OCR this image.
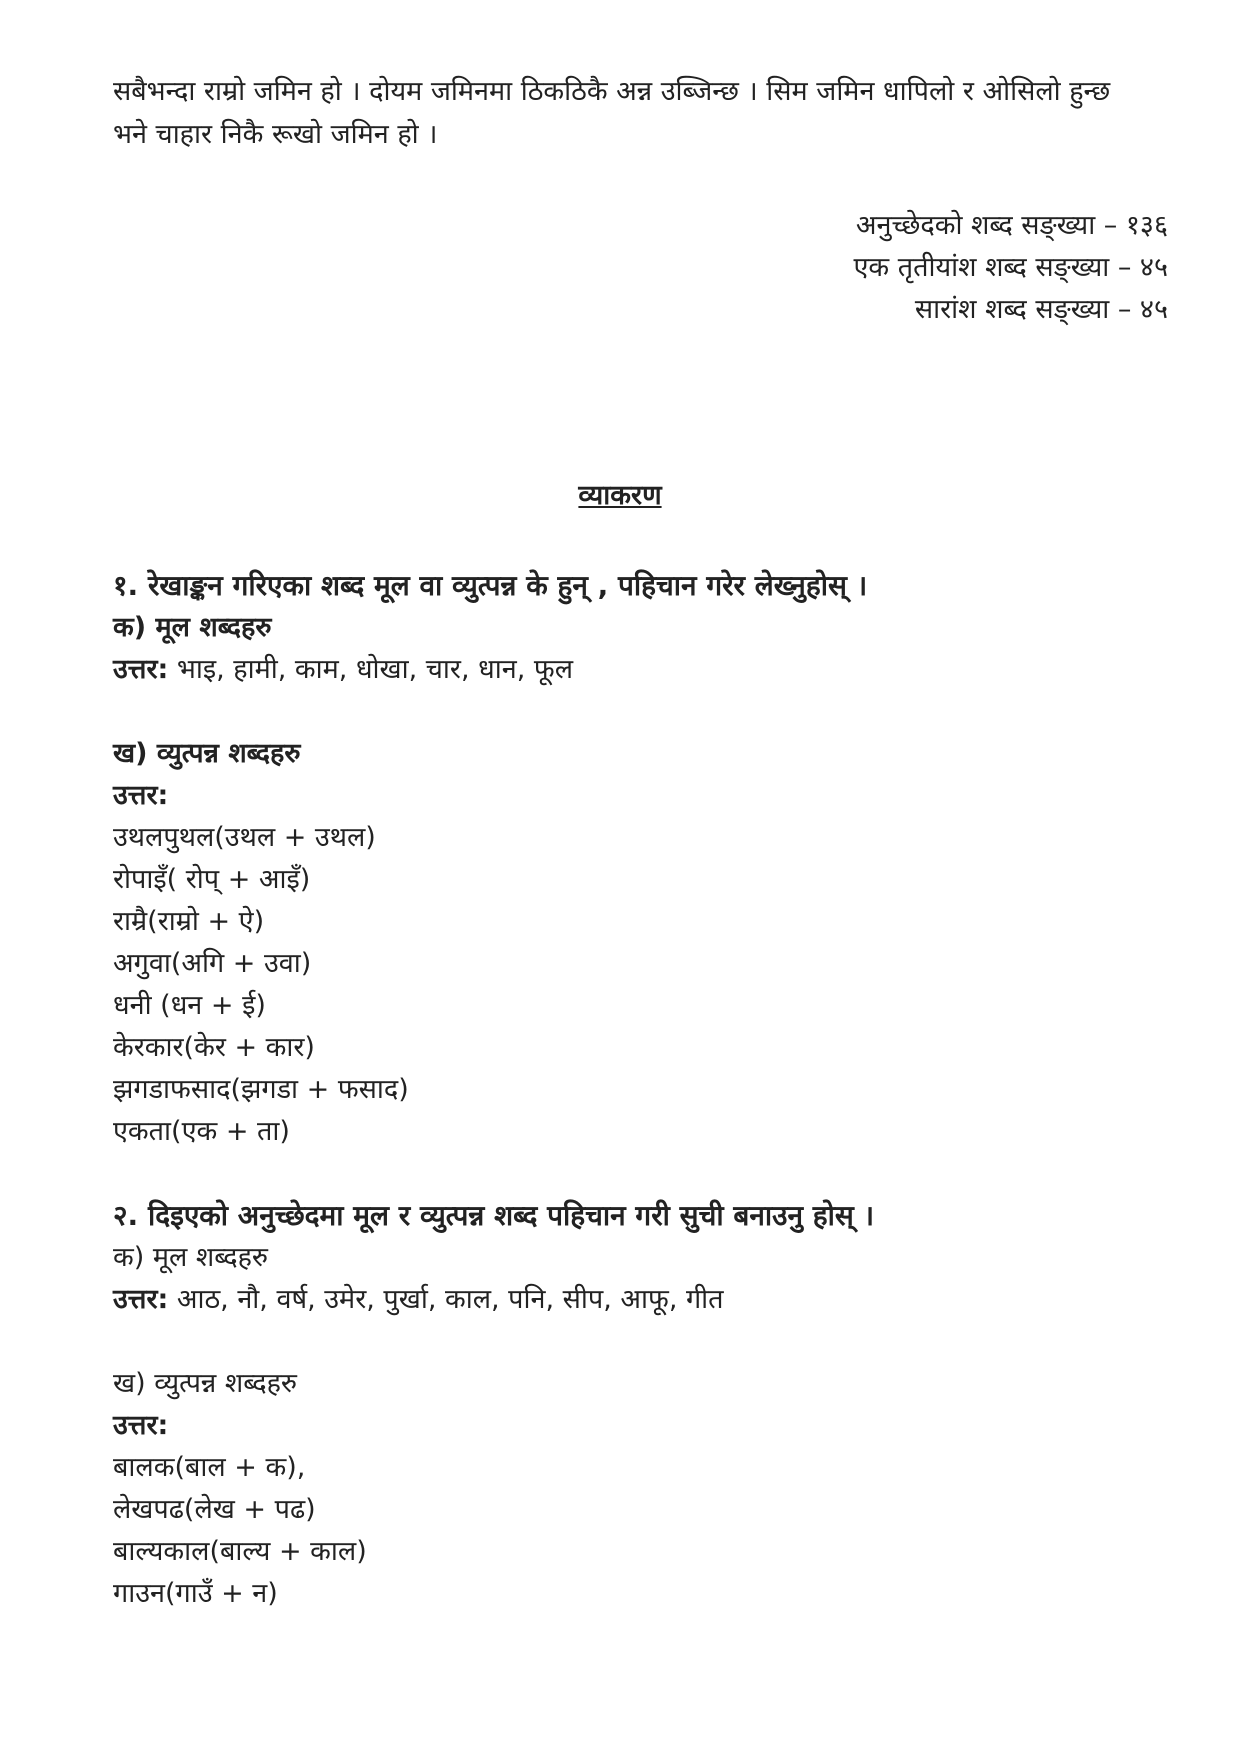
सबैभन्दा राम्रो जमिन हो । दोयम जमिनमा ठिकठिकै अन्न उब्जिन्छ । सिम जमिन धापिलो र ओसिलो हुन्छ
भने चाहार निकै रूखो जमिन हो ।
अनुच्छेदको शब्द सङ्ख्या – १३६
एक तृतीयांश शब्द सङ्ख्या – ४५
सारांश शब्द सङ्ख्या – ४५
व्याकरण
१. रेखाङ्कन गरिएका शब्द मूल वा व्युत्पन्न के हुन् , पहिचान गरेर लेख्नुहोस् ।
क) मूल शब्दहरु
उत्तर: भाइ, हामी, काम, धोखा, चार, धान, फूल
ख) व्युत्पन्न शब्दहरु
उत्तर:
उथलपुथल(उथल + उथल)
रोपाइँ( रोप् + आइँ)
राम्रै(राम्रो + ऐ)
अगुवा(अगि + उवा)
धनी (धन + ई)
केरकार(केर + कार)
झगडाफसाद(झगडा + फसाद)
एकता(एक + ता)
२. दिइएको अनुच्छेदमा मूल र व्युत्पन्न शब्द पहिचान गरी सुची बनाउनु होस् ।
क) मूल शब्दहरु
उत्तर: आठ, नौ, वर्ष, उमेर, पुर्खा, काल, पनि, सीप, आफू, गीत
ख) व्युत्पन्न शब्दहरु
उत्तर:
बालक(बाल + क),
लेखपढ(लेख + पढ)
बाल्यकाल(बाल्य + काल)
गाउन(गाउँ + न)
